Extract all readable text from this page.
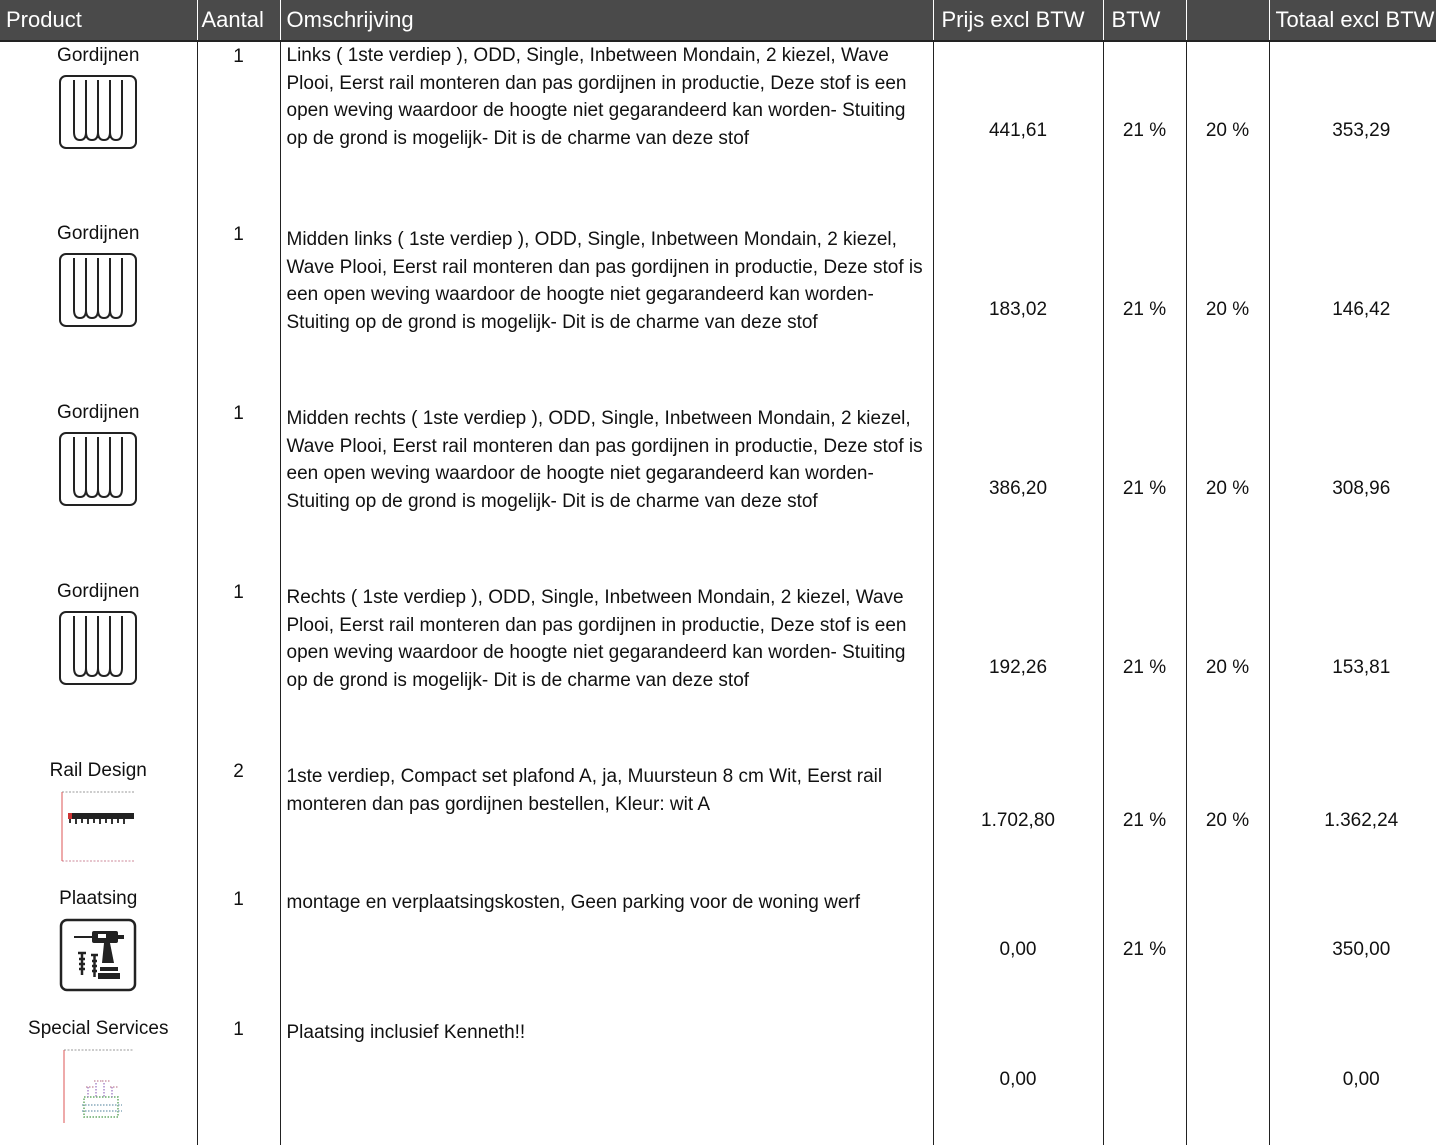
Product	Aantal	Omschrijving	Prijs excl BTW	BTW		Totaal excl BTW

Gordijnen	1	Links ( 1ste verdiep ), ODD, Single, Inbetween Mondain, 2 kiezel, Wave Plooi, Eerst rail monteren dan pas gordijnen in productie, Deze stof is een open weving waardoor de hoogte niet gegarandeerd kan worden- Stuiting op de grond is mogelijk- Dit is de charme van deze stof	441,61	21 %	20 %	353,29

Gordijnen	1	Midden links ( 1ste verdiep ), ODD, Single, Inbetween Mondain, 2 kiezel, Wave Plooi, Eerst rail monteren dan pas gordijnen in productie, Deze stof is een open weving waardoor de hoogte niet gegarandeerd kan worden- Stuiting op de grond is mogelijk- Dit is de charme van deze stof	183,02	21 %	20 %	146,42

Gordijnen	1	Midden rechts ( 1ste verdiep ), ODD, Single, Inbetween Mondain, 2 kiezel, Wave Plooi, Eerst rail monteren dan pas gordijnen in productie, Deze stof is een open weving waardoor de hoogte niet gegarandeerd kan worden- Stuiting op de grond is mogelijk- Dit is de charme van deze stof	386,20	21 %	20 %	308,96

Gordijnen	1	Rechts ( 1ste verdiep ), ODD, Single, Inbetween Mondain, 2 kiezel, Wave Plooi, Eerst rail monteren dan pas gordijnen in productie, Deze stof is een open weving waardoor de hoogte niet gegarandeerd kan worden- Stuiting op de grond is mogelijk- Dit is de charme van deze stof	192,26	21 %	20 %	153,81

Rail Design	2	1ste verdiep, Compact set plafond A, ja, Muursteun 8 cm Wit, Eerst rail monteren dan pas gordijnen bestellen, Kleur: wit A	1.702,80	21 %	20 %	1.362,24

Plaatsing	1	montage en verplaatsingskosten, Geen parking voor de woning werf	0,00	21 %		350,00

Special Services	1	Plaatsing inclusief Kenneth!!	0,00			0,00
